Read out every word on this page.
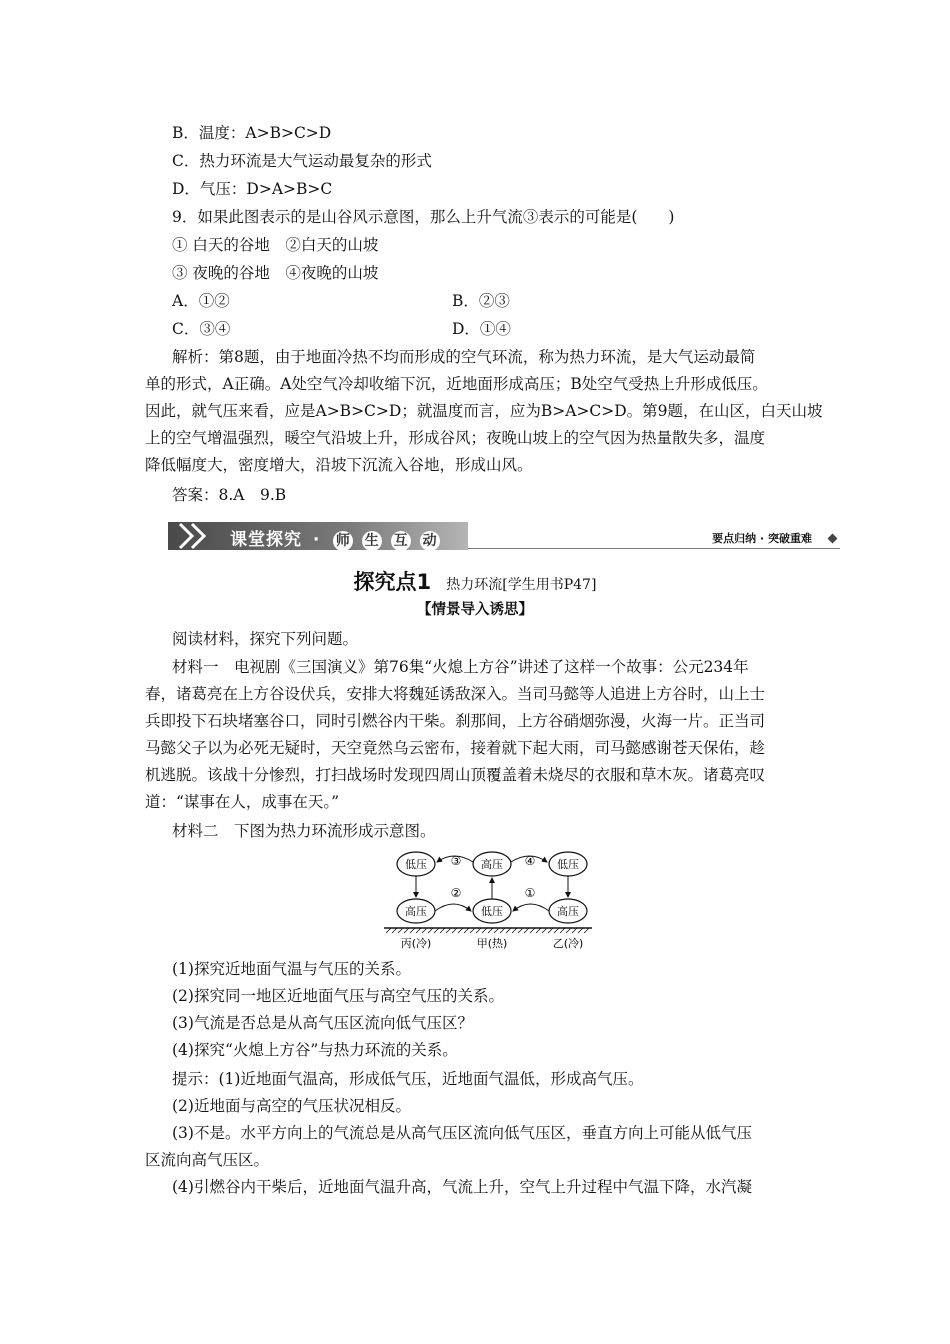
B．温度：A>B>C>D
C．热力环流是大气运动最复杂的形式
D．气压：D>A>B>C
9．如果此图表示的是山谷风示意图，那么上升气流③表示的可能是(　　)
① 白天的谷地　②白天的山坡
③ 夜晚的谷地　④夜晚的山坡
A．①②	B．②③
C．③④	D．①④
解析：第8题，由于地面冷热不均而形成的空气环流，称为热力环流，是大气运动最简
单的形式，A正确。A处空气冷却收缩下沉，近地面形成高压；B处空气受热上升形成低压。
因此，就气压来看，应是A>B>C>D；就温度而言，应为B>A>C>D。第9题，在山区，白天山坡
上的空气增温强烈，暖空气沿坡上升，形成谷风；夜晚山坡上的空气因为热量散失多，温度
降低幅度大，密度增大，沿坡下沉流入谷地，形成山风。
答案：8.A　9.B
课堂探究 · 师 生 互 动	要点归纳 · 突破重难
探究点1 热力环流[学生用书P47]
【情景导入诱思】
阅读材料，探究下列问题。
材料一　电视剧《三国演义》第76集“火熄上方谷”讲述了这样一个故事：公元234年
春，诸葛亮在上方谷设伏兵，安排大将魏延诱敌深入。当司马懿等人追进上方谷时，山上士
兵即投下石块堵塞谷口，同时引燃谷内干柴。刹那间，上方谷硝烟弥漫，火海一片。正当司
马懿父子以为必死无疑时，天空竟然乌云密布，接着就下起大雨，司马懿感谢苍天保佑，趁
机逃脱。该战十分惨烈，打扫战场时发现四周山顶覆盖着未烧尽的衣服和草木灰。诸葛亮叹
道：“谋事在人，成事在天。”
材料二　下图为热力环流形成示意图。
低压	高压	低压
高压	低压	高压
③	④
②	①
丙(冷)	甲(热)	乙(冷)
(1)探究近地面气温与气压的关系。
(2)探究同一地区近地面气压与高空气压的关系。
(3)气流是否总是从高气压区流向低气压区？
(4)探究“火熄上方谷”与热力环流的关系。
提示：(1)近地面气温高，形成低气压，近地面气温低，形成高气压。
(2)近地面与高空的气压状况相反。
(3)不是。水平方向上的气流总是从高气压区流向低气压区，垂直方向上可能从低气压
区流向高气压区。
(4)引燃谷内干柴后，近地面气温升高，气流上升，空气上升过程中气温下降，水汽凝
